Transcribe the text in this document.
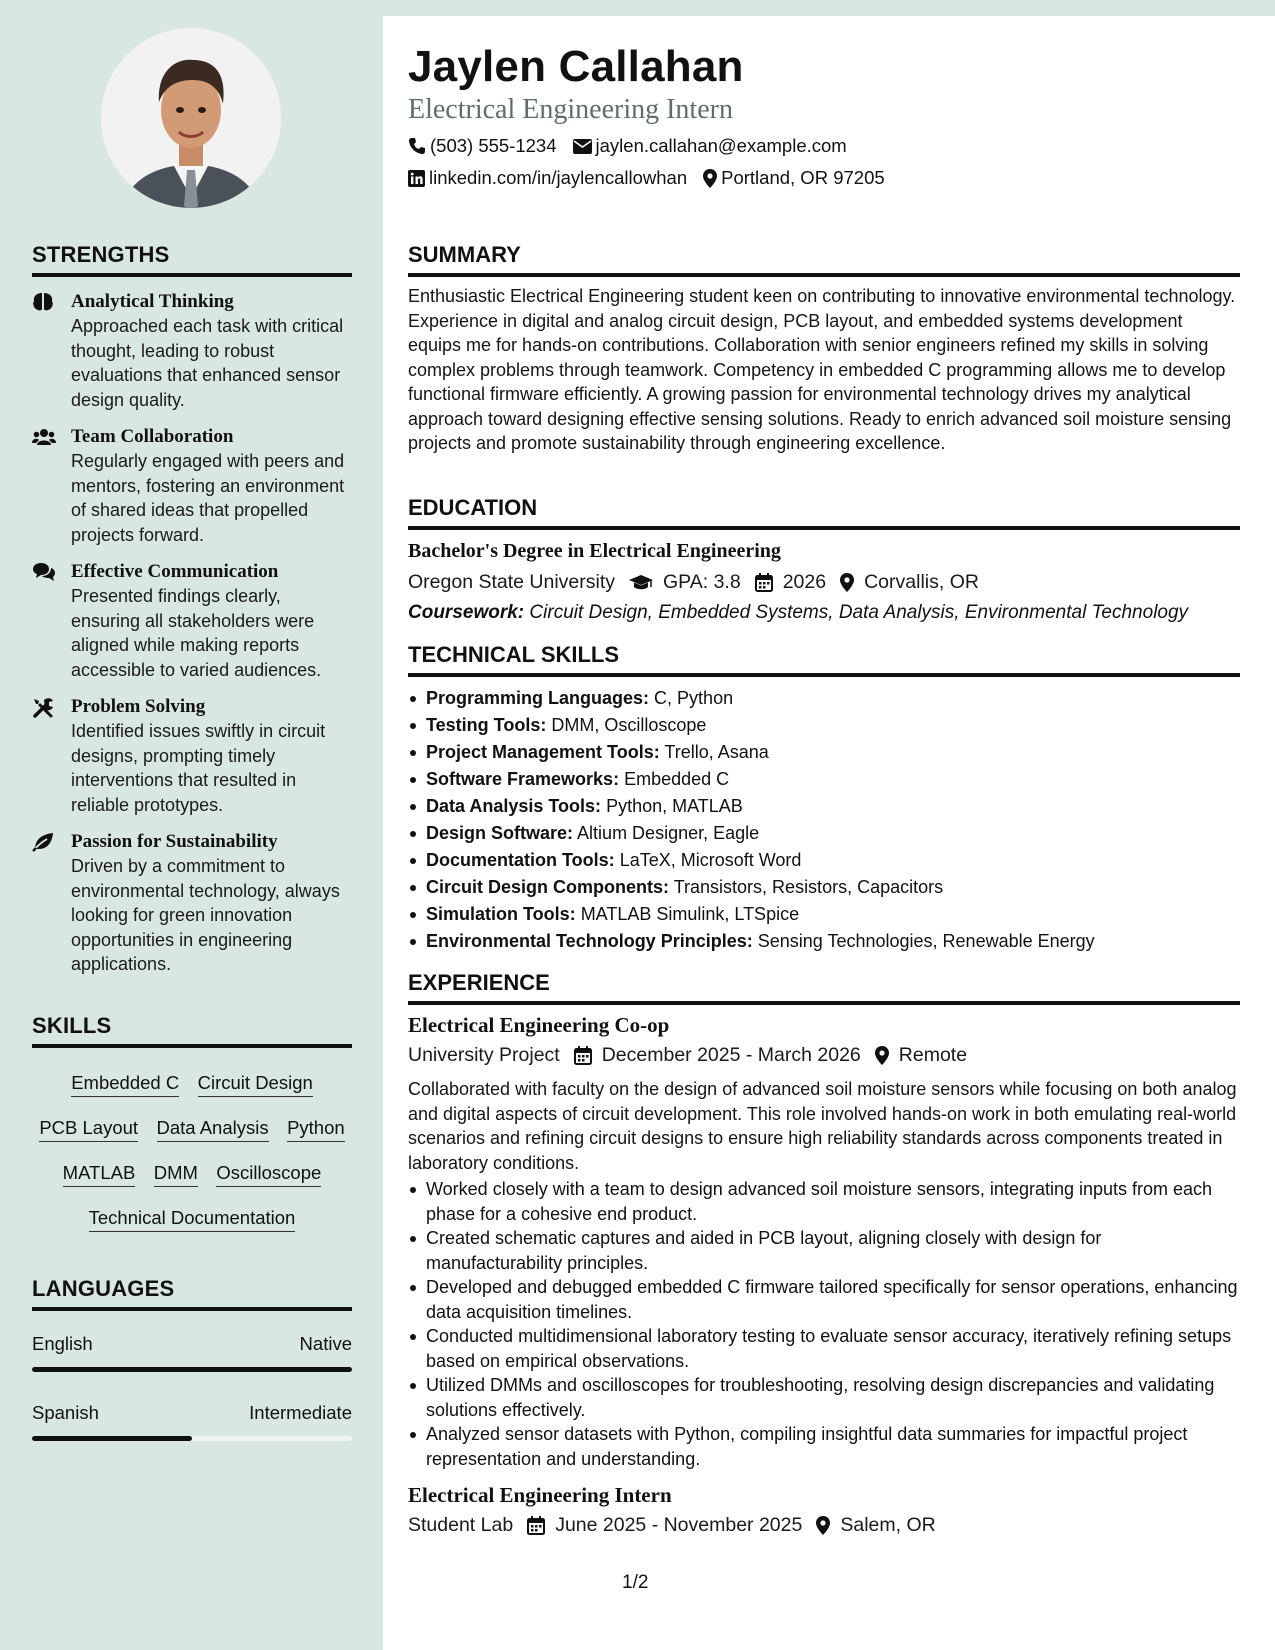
STRENGTHS
Analytical Thinking
Approached each task with critical thought, leading to robust evaluations that enhanced sensor design quality.
Team Collaboration
Regularly engaged with peers and mentors, fostering an environment of shared ideas that propelled projects forward.
Effective Communication
Presented findings clearly, ensuring all stakeholders were aligned while making reports accessible to varied audiences.
Problem Solving
Identified issues swiftly in circuit designs, prompting timely interventions that resulted in reliable prototypes.
Passion for Sustainability
Driven by a commitment to environmental technology, always looking for green innovation opportunities in engineering applications.
SKILLS
Embedded C Circuit Design
PCB Layout Data Analysis Python
MATLAB DMM Oscilloscope
Technical Documentation
LANGUAGES
English	Native
Spanish	Intermediate
Jaylen Callahan
Electrical Engineering Intern
(503) 555-1234 jaylen.callahan@example.com
linkedin.com/in/jaylencallowhan Portland, OR 97205
SUMMARY
Enthusiastic Electrical Engineering student keen on contributing to innovative environmental technology. Experience in digital and analog circuit design, PCB layout, and embedded systems development equips me for hands-on contributions. Collaboration with senior engineers refined my skills in solving complex problems through teamwork. Competency in embedded C programming allows me to develop functional firmware efficiently. A growing passion for environmental technology drives my analytical approach toward designing effective sensing solutions. Ready to enrich advanced soil moisture sensing projects and promote sustainability through engineering excellence.
EDUCATION
Bachelor's Degree in Electrical Engineering
Oregon State University GPA: 3.8 2026 Corvallis, OR
Coursework: Circuit Design, Embedded Systems, Data Analysis, Environmental Technology
TECHNICAL SKILLS
Programming Languages: C, Python
Testing Tools: DMM, Oscilloscope
Project Management Tools: Trello, Asana
Software Frameworks: Embedded C
Data Analysis Tools: Python, MATLAB
Design Software: Altium Designer, Eagle
Documentation Tools: LaTeX, Microsoft Word
Circuit Design Components: Transistors, Resistors, Capacitors
Simulation Tools: MATLAB Simulink, LTSpice
Environmental Technology Principles: Sensing Technologies, Renewable Energy
EXPERIENCE
Electrical Engineering Co-op
University Project December 2025 - March 2026 Remote
Collaborated with faculty on the design of advanced soil moisture sensors while focusing on both analog and digital aspects of circuit development. This role involved hands-on work in both emulating real-world scenarios and refining circuit designs to ensure high reliability standards across components treated in laboratory conditions.
Worked closely with a team to design advanced soil moisture sensors, integrating inputs from each phase for a cohesive end product.
Created schematic captures and aided in PCB layout, aligning closely with design for manufacturability principles.
Developed and debugged embedded C firmware tailored specifically for sensor operations, enhancing data acquisition timelines.
Conducted multidimensional laboratory testing to evaluate sensor accuracy, iteratively refining setups based on empirical observations.
Utilized DMMs and oscilloscopes for troubleshooting, resolving design discrepancies and validating solutions effectively.
Analyzed sensor datasets with Python, compiling insightful data summaries for impactful project representation and understanding.
Electrical Engineering Intern
Student Lab June 2025 - November 2025 Salem, OR
1/2
